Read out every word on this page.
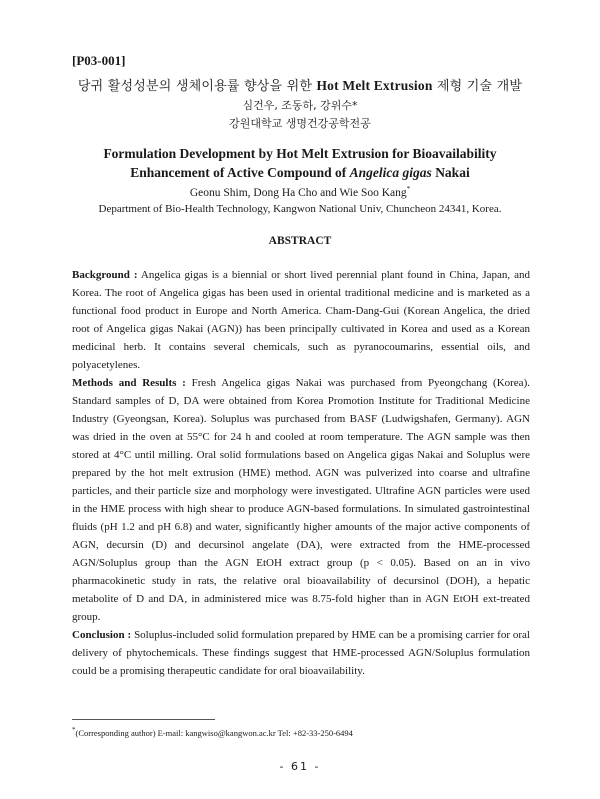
[P03-001]
당귀 활성성분의 생체이용률 향상을 위한 Hot Melt Extrusion 제형 기술 개발
심건우, 조동하, 강위수*
강원대학교 생명건강공학전공
Formulation Development by Hot Melt Extrusion for Bioavailability
Enhancement of Active Compound of Angelica gigas Nakai
Geonu Shim, Dong Ha Cho and Wie Soo Kang*
Department of Bio-Health Technology, Kangwon National Univ, Chuncheon 24341, Korea.
ABSTRACT

Background : Angelica gigas is a biennial or short lived perennial plant found in China, Japan, and Korea. The root of Angelica gigas has been used in oriental traditional medicine and is marketed as a functional food product in Europe and North America. Cham-Dang-Gui (Korean Angelica, the dried root of Angelica gigas Nakai (AGN)) has been principally cultivated in Korea and used as a Korean medicinal herb. It contains several chemicals, such as pyranocoumarins, essential oils, and polyacetylenes.

Methods and Results : Fresh Angelica gigas Nakai was purchased from Pyeongchang (Korea). Standard samples of D, DA were obtained from Korea Promotion Institute for Traditional Medicine Industry (Gyeongsan, Korea). Soluplus was purchased from BASF (Ludwigshafen, Germany). AGN was dried in the oven at 55°C for 24 h and cooled at room temperature. The AGN sample was then stored at 4°C until milling. Oral solid formulations based on Angelica gigas Nakai and Soluplus were prepared by the hot melt extrusion (HME) method. AGN was pulverized into coarse and ultrafine particles, and their particle size and morphology were investigated. Ultrafine AGN particles were used in the HME process with high shear to produce AGN-based formulations. In simulated gastrointestinal fluids (pH 1.2 and pH 6.8) and water, significantly higher amounts of the major active components of AGN, decursin (D) and decursinol angelate (DA), were extracted from the HME-processed AGN/Soluplus group than the AGN EtOH extract group (p < 0.05). Based on an in vivo pharmacokinetic study in rats, the relative oral bioavailability of decursinol (DOH), a hepatic metabolite of D and DA, in administered mice was 8.75-fold higher than in AGN EtOH ext-treated group.

Conclusion : Soluplus-included solid formulation prepared by HME can be a promising carrier for oral delivery of phytochemicals. These findings suggest that HME-processed AGN/Soluplus formulation could be a promising therapeutic candidate for oral bioavailability.

*(Corresponding author) E-mail: kangwiso@kangwon.ac.kr Tel: +82-33-250-6494
- 61 -
